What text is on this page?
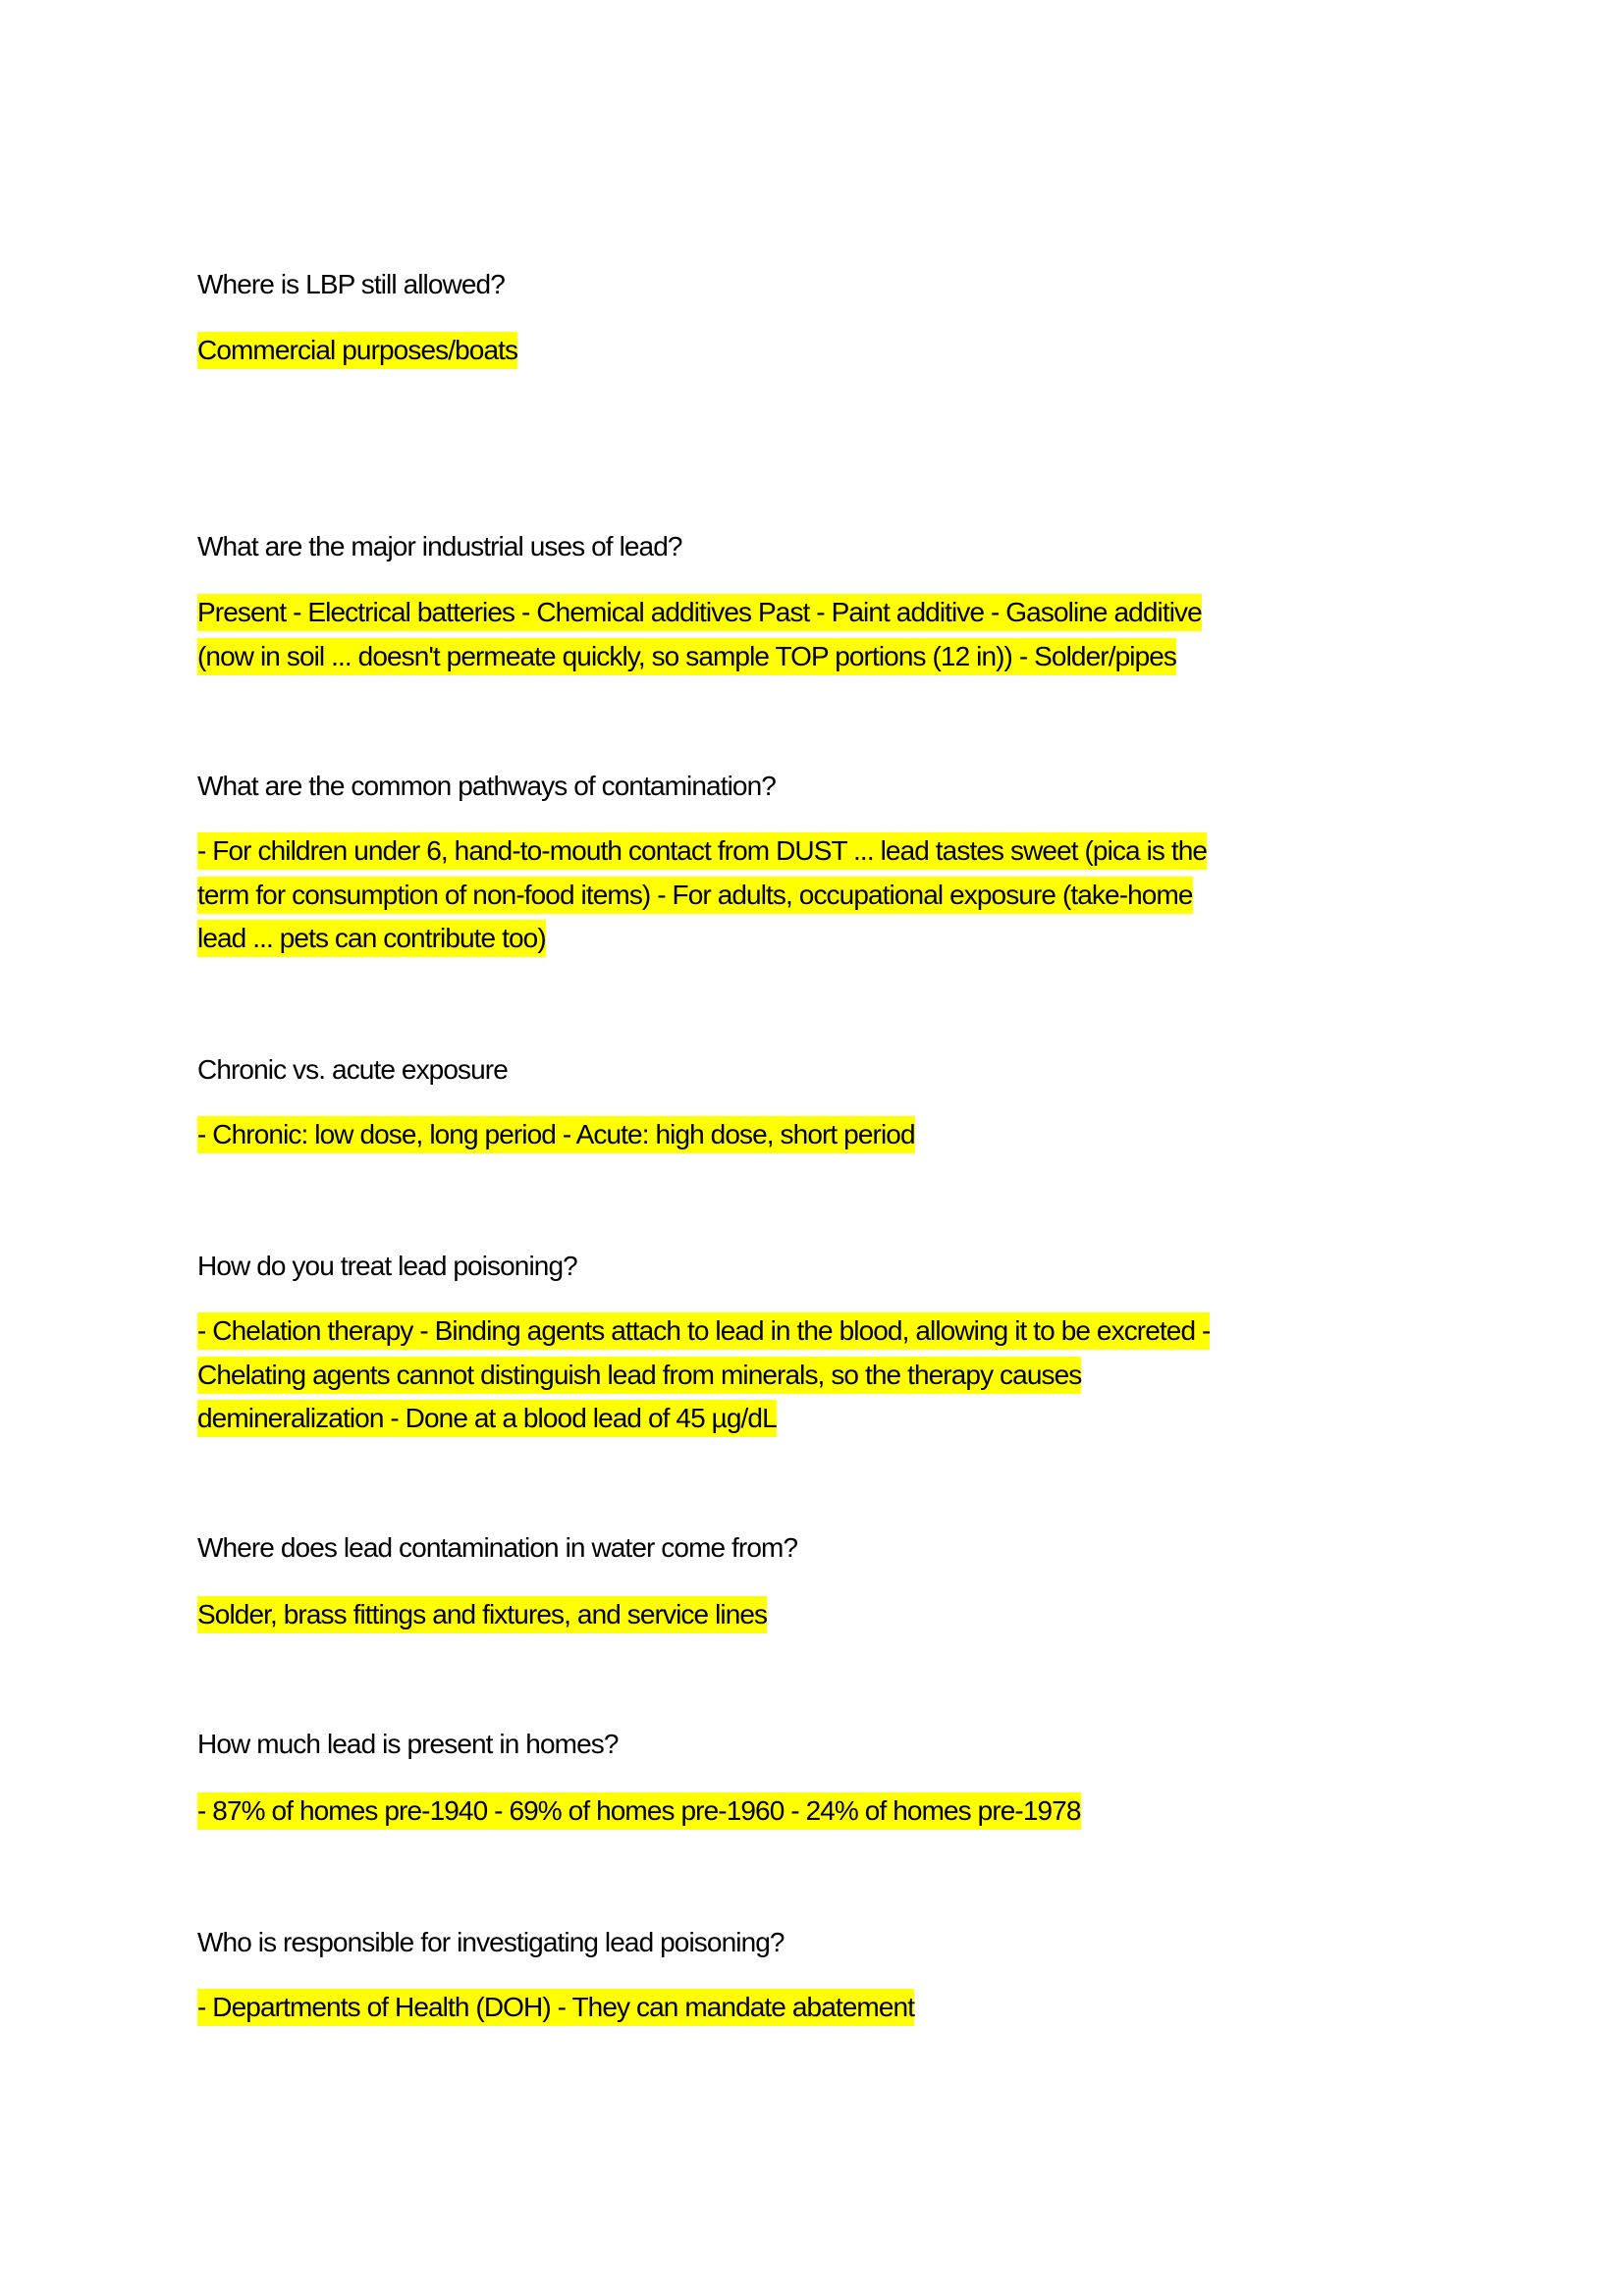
Where is LBP still allowed?
Commercial purposes/boats
What are the major industrial uses of lead?
Present - Electrical batteries - Chemical additives Past - Paint additive - Gasoline additive
(now in soil ... doesn't permeate quickly, so sample TOP portions (12 in)) - Solder/pipes
What are the common pathways of contamination?
- For children under 6, hand-to-mouth contact from DUST ... lead tastes sweet (pica is the
term for consumption of non-food items) - For adults, occupational exposure (take-home
lead ... pets can contribute too)
Chronic vs. acute exposure
- Chronic: low dose, long period - Acute: high dose, short period
How do you treat lead poisoning?
- Chelation therapy - Binding agents attach to lead in the blood, allowing it to be excreted -
Chelating agents cannot distinguish lead from minerals, so the therapy causes
demineralization - Done at a blood lead of 45 µg/dL
Where does lead contamination in water come from?
Solder, brass fittings and fixtures, and service lines
How much lead is present in homes?
- 87% of homes pre-1940 - 69% of homes pre-1960 - 24% of homes pre-1978
Who is responsible for investigating lead poisoning?
- Departments of Health (DOH) - They can mandate abatement
